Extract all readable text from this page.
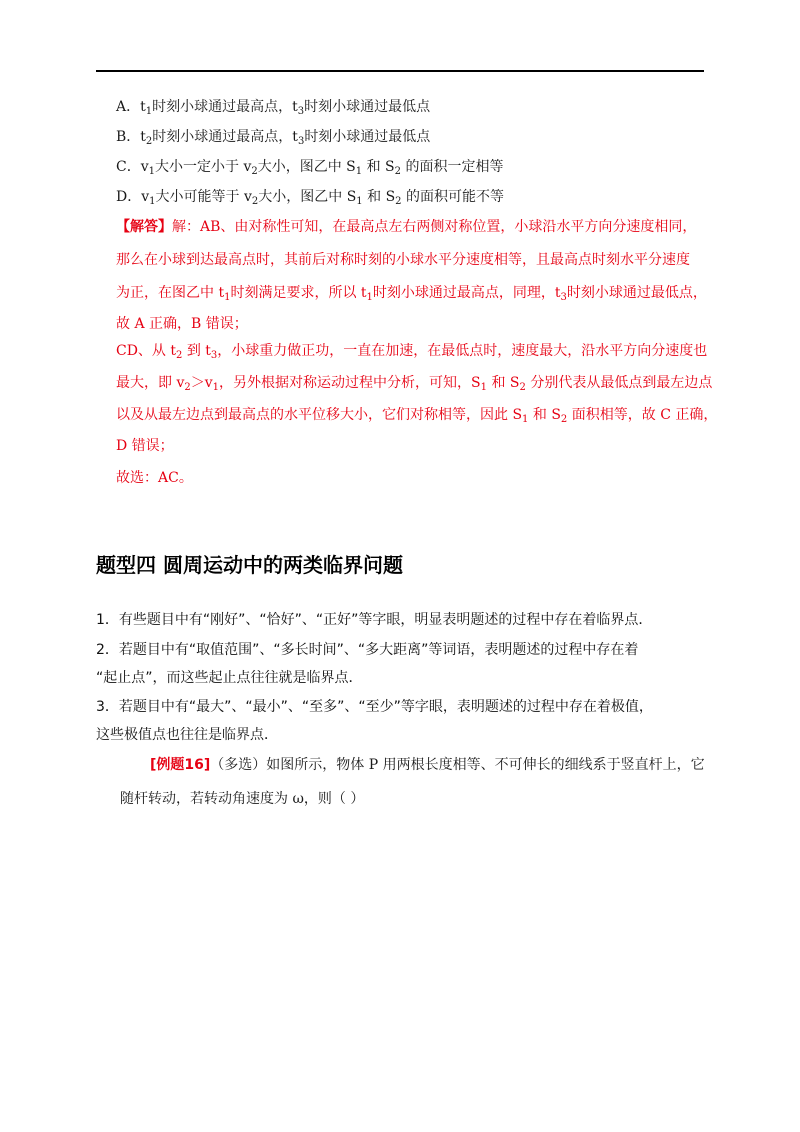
A．$t_1$时刻小球通过最高点，$t_3$时刻小球通过最低点
B．$t_2$时刻小球通过最高点，$t_3$时刻小球通过最低点
C．$v_1$大小一定小于 $v_2$大小，图乙中 $S_1$ 和 $S_2$ 的面积一定相等
D．$v_1$大小可能等于 $v_2$大小，图乙中 $S_1$ 和 $S_2$ 的面积可能不等
【解答】解：AB、由对称性可知，在最高点左右两侧对称位置，小球沿水平方向分速度相同，
那么在小球到达最高点时，其前后对称时刻的小球水平分速度相等，且最高点时刻水平分速度
为正，在图乙中 $t_1$时刻满足要求，所以 $t_1$时刻小球通过最高点，同理，$t_3$时刻小球通过最低点，
故 A 正确，B 错误；
CD、从 $t_2$ 到 $t_3$，小球重力做正功，一直在加速，在最低点时，速度最大，沿水平方向分速度也
最大，即 $v_2>v_1$，另外根据对称运动过程中分析，可知，$S_1$ 和 $S_2$ 分别代表从最低点到最左边点
以及从最左边点到最高点的水平位移大小，它们对称相等，因此 $S_1$ 和 $S_2$ 面积相等，故 C 正确，
D 错误；
故选：AC。
题型四 圆周运动中的两类临界问题
1．有些题目中有“刚好”、“恰好”、“正好”等字眼，明显表明题述的过程中存在着临界点．
2．若题目中有“取值范围”、“多长时间”、“多大距离”等词语，表明题述的过程中存在着
“起止点”，而这些起止点往往就是临界点．
3．若题目中有“最大”、“最小”、“至多”、“至少”等字眼，表明题述的过程中存在着极值，
这些极值点也往往是临界点．
[例题16]（多选）如图所示，物体 P 用两根长度相等、不可伸长的细线系于竖直杆上，它
随杆转动，若转动角速度为 ω，则（ ）
